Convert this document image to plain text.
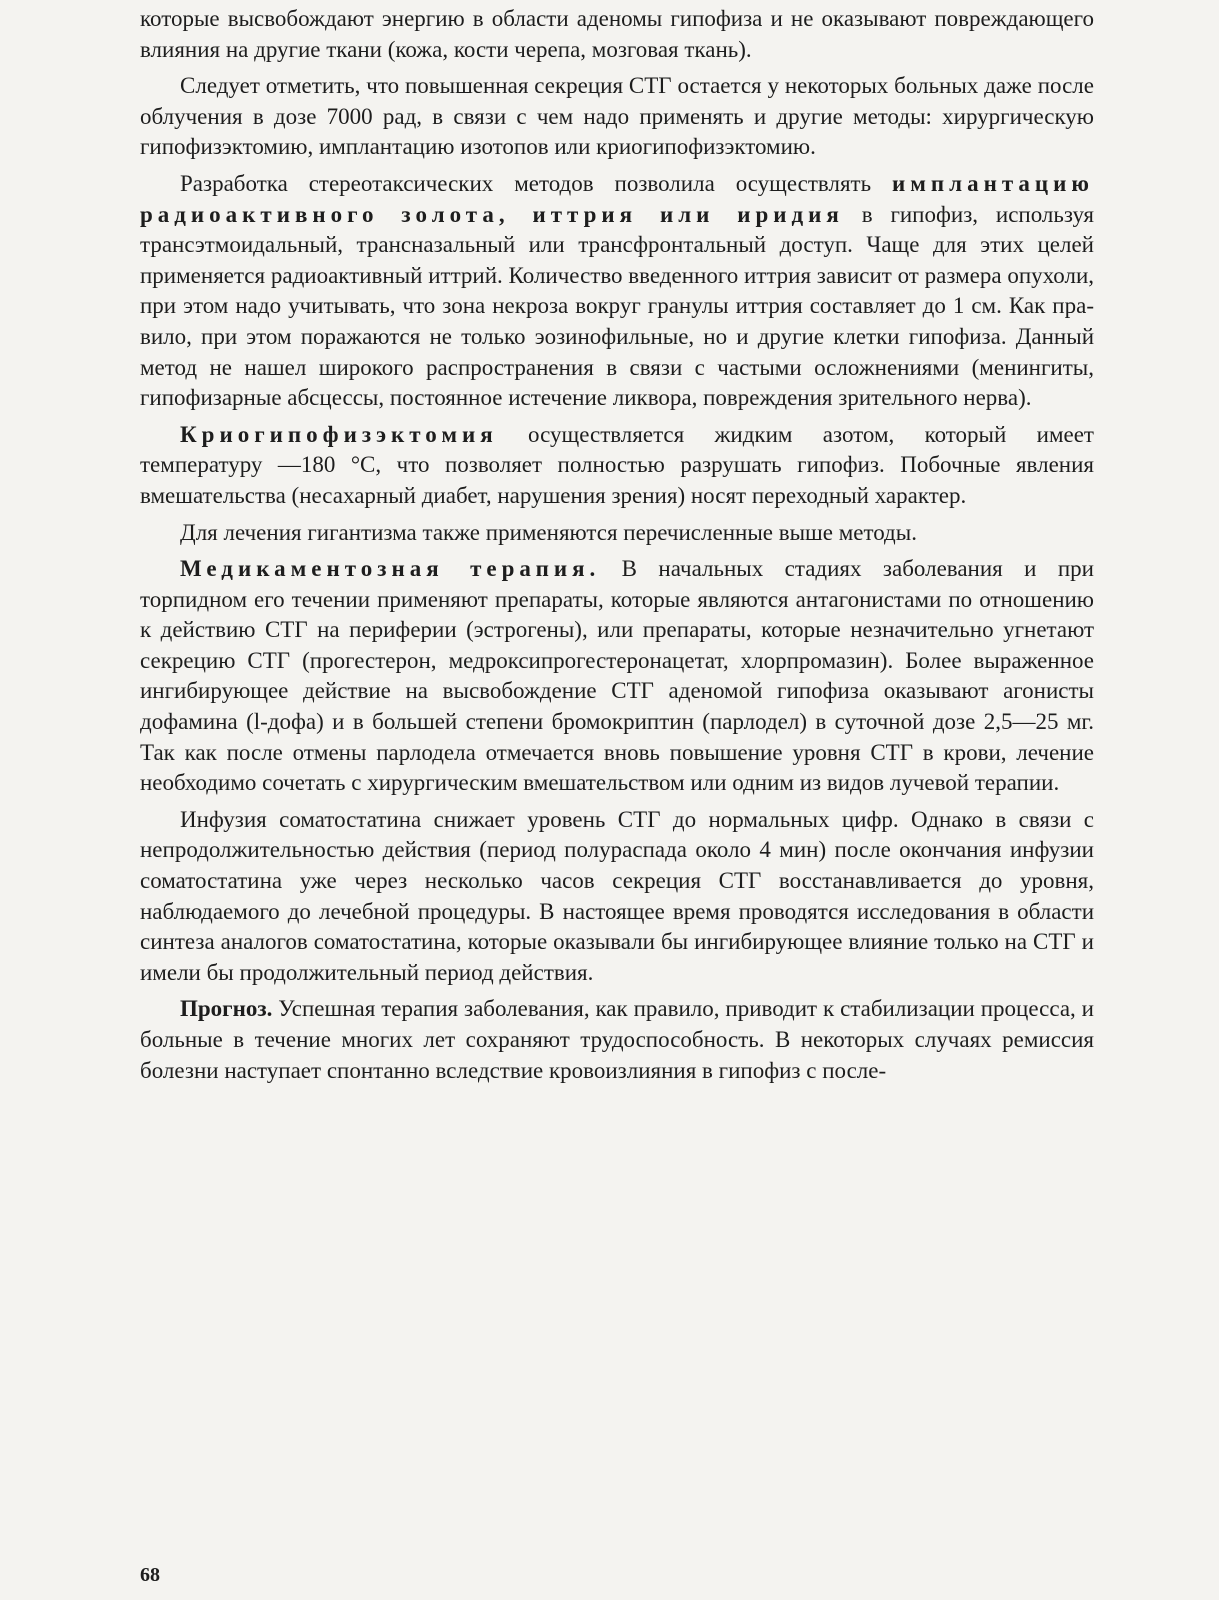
которые высвобождают энергию в области аденомы гипофиза и не оказывают повреждающего влияния на другие ткани (кожа, кости черепа, мозговая ткань).

Следует отметить, что повышенная секреция СТГ остается у некоторых больных даже после облучения в дозе 7000 рад, в связи с чем надо применять и другие методы: хирургическую гипофизэктомию, имплантацию изотопов или криогипофизэктомию.

Разработка стереотаксических методов позволила осуществлять имплантацию радиоактивного золота, иттрия или иридия в гипофиз, используя трансэтмоидальный, трансназальный или трансфронтальный доступ. Чаще для этих целей применяется радиоактивный иттрий. Количество введенного иттрия зависит от размера опухоли, при этом надо учитывать, что зона некроза вокруг гранулы иттрия составляет до 1 см. Как правило, при этом поражаются не только эозинофильные, но и другие клетки гипофиза. Данный метод не нашел широкого распространения в связи с частыми осложнениями (менингиты, гипофизарные абсцессы, постоянное истечение ликвора, повреждения зрительного нерва).

Криогипофизэктомия осуществляется жидким азотом, который имеет температуру —180 °С, что позволяет полностью разрушать гипофиз. Побочные явления вмешательства (несахарный диабет, нарушения зрения) носят переходный характер.

Для лечения гигантизма также применяются перечисленные выше методы.

Медикаментозная терапия. В начальных стадиях заболевания и при торпидном его течении применяют препараты, которые являются антагонистами по отношению к действию СТГ на периферии (эстрогены), или препараты, которые незначительно угнетают секрецию СТГ (прогестерон, медроксипрогестеронацетат, хлорпромазин). Более выраженное ингибирующее действие на высвобождение СТГ аденомой гипофиза оказывают агонисты дофамина (l-дофа) и в большей степени бромокриптин (парлодел) в суточной дозе 2,5—25 мг. Так как после отмены парлодела отмечается вновь повышение уровня СТГ в крови, лечение необходимо сочетать с хирургическим вмешательством или одним из видов лучевой терапии.

Инфузия соматостатина снижает уровень СТГ до нормальных цифр. Однако в связи с непродолжительностью действия (период полураспада около 4 мин) после окончания инфузии соматостатина уже через несколько часов секреция СТГ восстанавливается до уровня, наблюдаемого до лечебной процедуры. В настоящее время проводятся исследования в области синтеза аналогов соматостатина, которые оказывали бы ингибирующее влияние только на СТГ и имели бы продолжительный период действия.

Прогноз. Успешная терапия заболевания, как правило, приводит к стабилизации процесса, и больные в течение многих лет сохраняют трудоспособность. В некоторых случаях ремиссия болезни наступает спонтанно вследствие кровоизлияния в гипофиз с после-

68
